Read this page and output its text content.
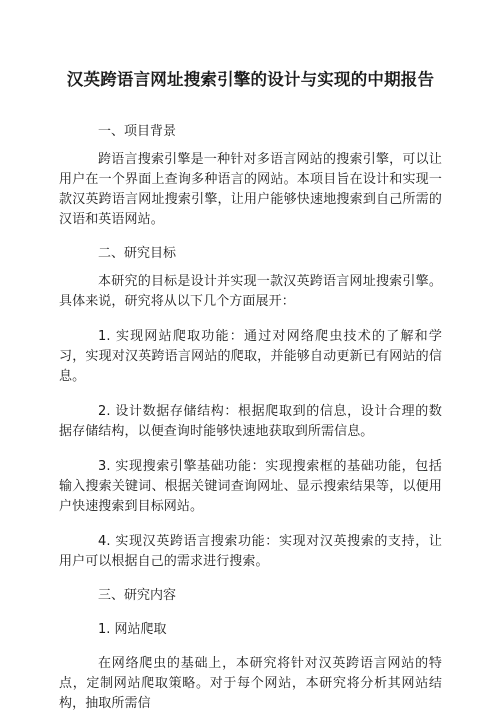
汉英跨语言网址搜索引擎的设计与实现的中期报告
一、项目背景

跨语言搜索引擎是一种针对多语言网站的搜索引擎，可以让用户在一个界面上查询多种语言的网站。本项目旨在设计和实现一款汉英跨语言网址搜索引擎，让用户能够快速地搜索到自己所需的汉语和英语网站。

二、研究目标

本研究的目标是设计并实现一款汉英跨语言网址搜索引擎。具体来说，研究将从以下几个方面展开：

1. 实现网站爬取功能：通过对网络爬虫技术的了解和学习，实现对汉英跨语言网站的爬取，并能够自动更新已有网站的信息。

2. 设计数据存储结构：根据爬取到的信息，设计合理的数据存储结构，以便查询时能够快速地获取到所需信息。

3. 实现搜索引擎基础功能：实现搜索框的基础功能，包括输入搜索关键词、根据关键词查询网址、显示搜索结果等，以便用户快速搜索到目标网站。

4. 实现汉英跨语言搜索功能：实现对汉英搜索的支持，让用户可以根据自己的需求进行搜索。

三、研究内容
1. 网站爬取

在网络爬虫的基础上，本研究将针对汉英跨语言网站的特点，定制网站爬取策略。对于每个网站，本研究将分析其网站结构，抽取所需信
